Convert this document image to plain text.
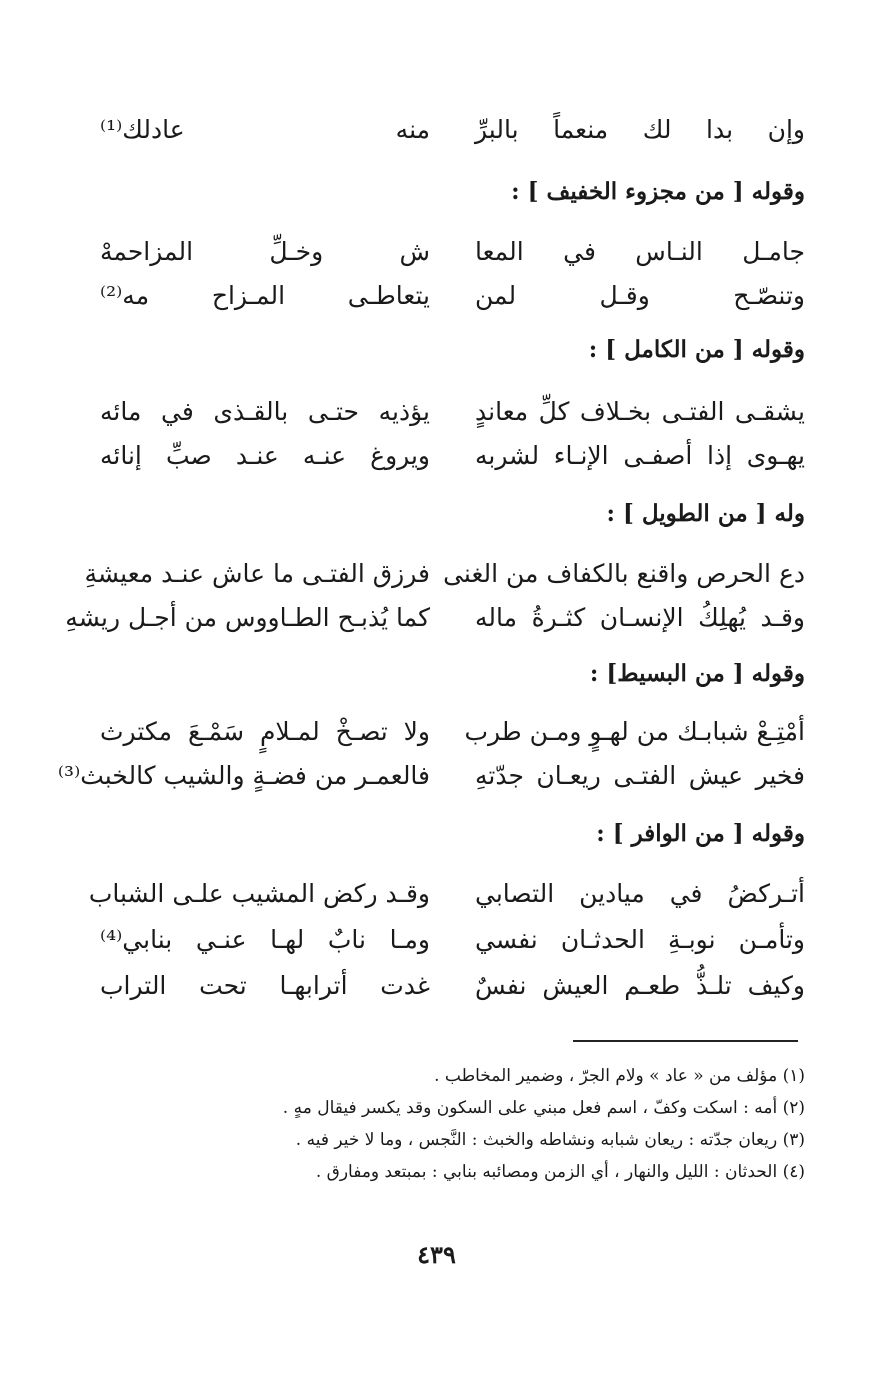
وإن بدا لك منعماً بالبرِّ
منه عادلك⁽¹⁾
وقوله [ من مجزوء الخفيف ] :
جامـل النـاس في المعا
ش وخـلِّ المزاحمهْ
وتنصّـح وقـل لمن
يتعاطـى المـزاح مه⁽²⁾
وقوله [ من الكامل ] :
يشقـى الفتـى بخـلاف كلِّ معاندٍ
يؤذيه حتـى بالقـذى في مائه
يهـوى إذا أصفـى الإنـاء لشربه
ويروغ عنـه عنـد صبِّ إنائه
وله [ من الطويل ] :
دع الحرص واقنع بالكفاف من الغنى
فرزق الفتـى ما عاش عنـد معيشةِ
وقـد يُهلِكُ الإنسـان كثـرةُ ماله
كما يُذبـح الطـاووس من أجـل ريشهِ
وقوله [ من البسيط] :
أمْتِـعْ شبابـك من لهـوٍ ومـن طرب
ولا تصـخْ لمـلامٍ سَمْـعَ مكترث
فخير عيش الفتـى ريعـان جدّتهِ
فالعمـر من فضـةٍ والشيب كالخبث⁽³⁾
وقوله [ من الوافر ] :
أتـركضُ في ميادين التصابي
وقـد ركض المشيب علـى الشباب
وتأمـن نوبـةِ الحدثـان نفسي
ومـا نابٌ لهـا عنـي بنابي⁽⁴⁾
وكيف تلـذُّ طعـم العيش نفسٌ
غدت أترابهـا تحت التراب
(١) مؤلف من « عاد » ولام الجرّ ، وضمير المخاطب .
(٢) أمه : اسكت وكفّ ، اسم فعل مبني على السكون وقد يكسر فيقال مهٍ .
(٣) ريعان جدّته : ريعان شبابه ونشاطه والخبث : النَّجس ، وما لا خير فيه .
(٤) الحدثان : الليل والنهار ، أي الزمن ومصائبه بنابي : بمبتعد ومفارق .
٤٣٩
